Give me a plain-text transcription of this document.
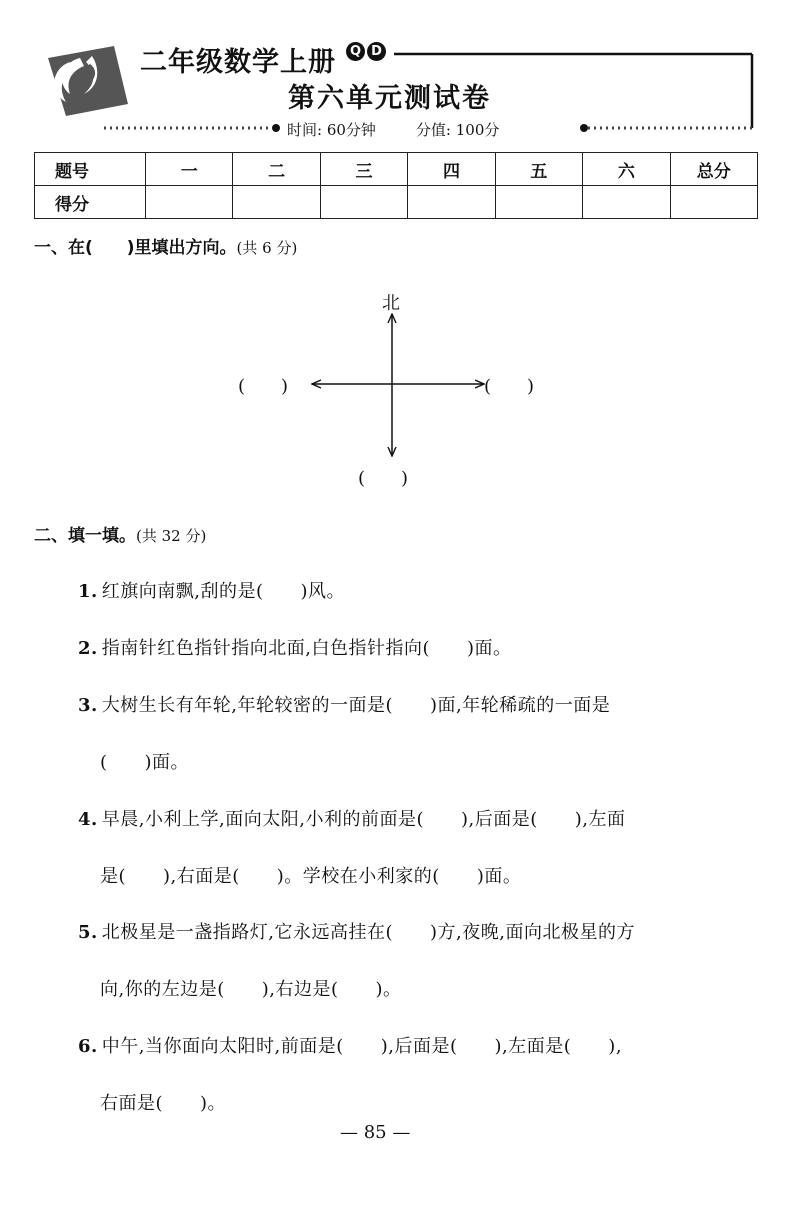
二年级数学上册	Q D
第六单元测试卷
时间: 60分钟	分值: 100分
题号	一	二	三	四	五	六	总分
得分							
一、在(　　)里填出方向。(共 6 分)
北
(　　)	(　　)
(　　)
二、填一填。(共 32 分)
1. 红旗向南飘,刮的是(　　)风。
2. 指南针红色指针指向北面,白色指针指向(　　)面。
3. 大树生长有年轮,年轮较密的一面是(　　)面,年轮稀疏的一面是
(　　)面。
4. 早晨,小利上学,面向太阳,小利的前面是(　　),后面是(　　),左面
是(　　),右面是(　　)。学校在小利家的(　　)面。
5. 北极星是一盏指路灯,它永远高挂在(　　)方,夜晚,面向北极星的方
向,你的左边是(　　),右边是(　　)。
6. 中午,当你面向太阳时,前面是(　　),后面是(　　),左面是(　　),
右面是(　　)。
— 85 —
